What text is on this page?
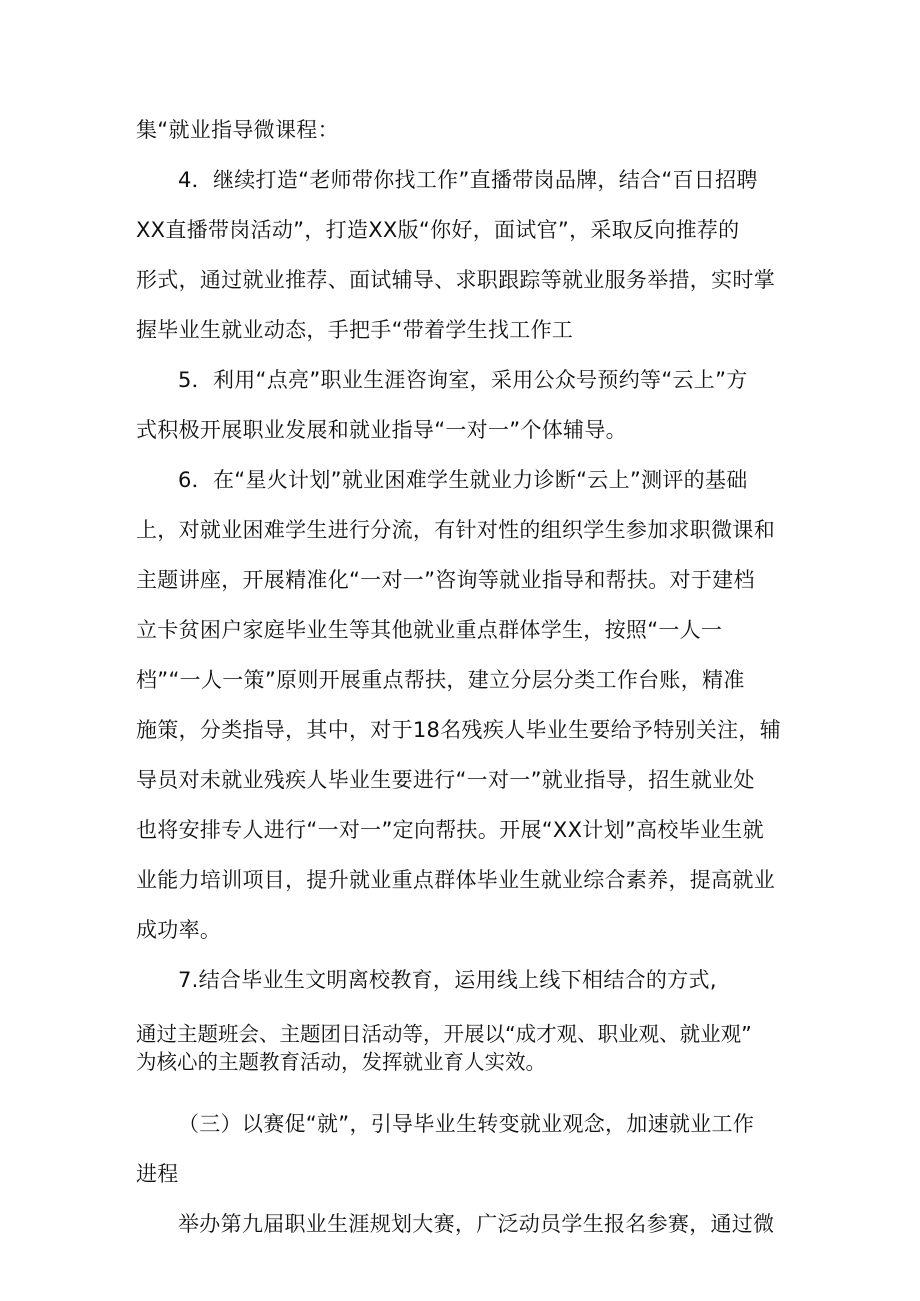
集“就业指导微课程：
4．继续打造“老师带你找工作”直播带岗品牌，结合“百日招聘
XX直播带岗活动”，打造XX版“你好，面试官”，采取反向推荐的
形式，通过就业推荐、面试辅导、求职跟踪等就业服务举措，实时掌
握毕业生就业动态，手把手“带着学生找工作工
5．利用“点亮”职业生涯咨询室，采用公众号预约等“云上”方
式积极开展职业发展和就业指导“一对一”个体辅导。
6．在“星火计划”就业困难学生就业力诊断“云上”测评的基础
上，对就业困难学生进行分流，有针对性的组织学生参加求职微课和
主题讲座，开展精准化“一对一”咨询等就业指导和帮扶。对于建档
立卡贫困户家庭毕业生等其他就业重点群体学生，按照“一人一
档”“一人一策”原则开展重点帮扶，建立分层分类工作台账，精准
施策，分类指导，其中，对于18名残疾人毕业生要给予特别关注，辅
导员对未就业残疾人毕业生要进行“一对一”就业指导，招生就业处
也将安排专人进行“一对一”定向帮扶。开展“XX计划”高校毕业生就
业能力培训项目，提升就业重点群体毕业生就业综合素养，提高就业
成功率。
7.结合毕业生文明离校教育，运用线上线下相结合的方式,
通过主题班会、主题团日活动等，开展以“成才观、职业观、就业观”
为核心的主题教育活动，发挥就业育人实效。
（三）以赛促“就”，引导毕业生转变就业观念，加速就业工作
进程
举办第九届职业生涯规划大赛，广泛动员学生报名参赛，通过微
